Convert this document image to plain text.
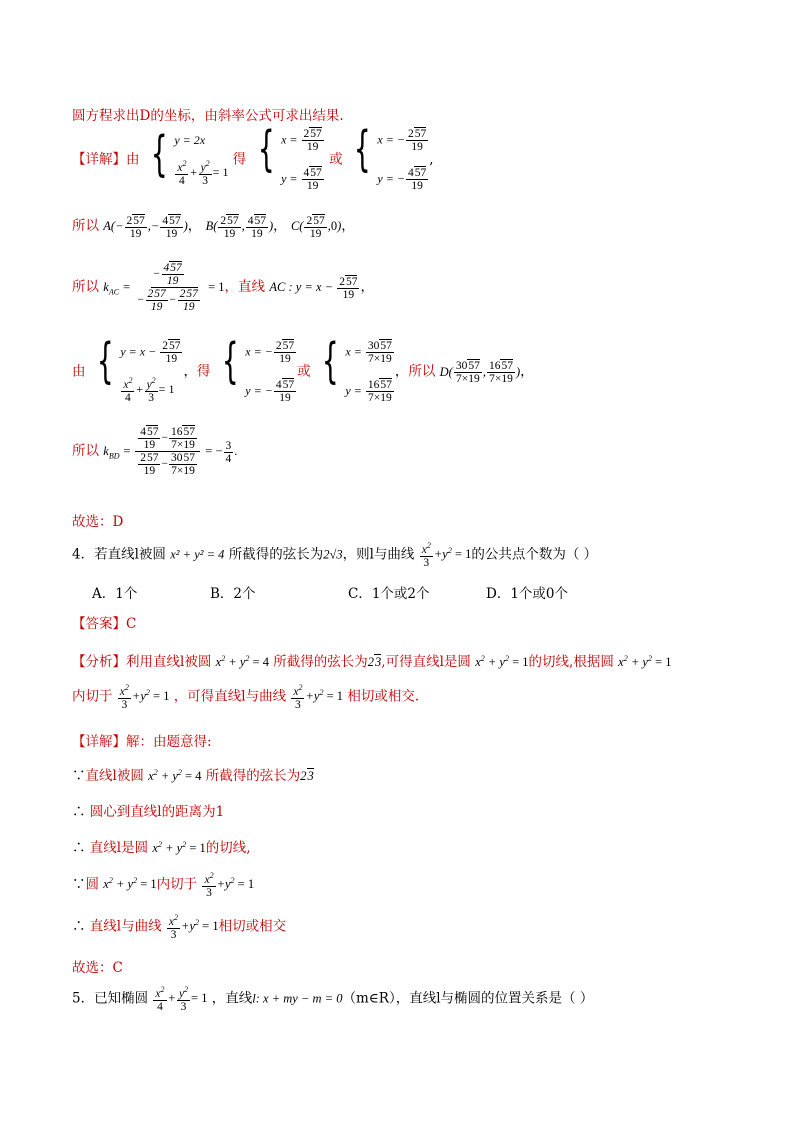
圆方程求出D的坐标，由斜率公式可求出结果.
【详解】由 { y = 2x
$\frac{x^2}{4} + \frac{y^2}{3} = 1$
得 { $x = \frac{257}{19}$
$y = \frac{457}{19}$
或 { x = − $\frac{257}{19}$
y = − $\frac{457}{19}$
,
所以 $A(- \frac{257}{19}$ ,− $\frac{457}{19}$ )， $B( \frac{257}{19}$ , $\frac{457}{19}$ )， $C( \frac{257}{19} ,0)$，
所以 $k_{AC} = \frac{- \frac{457}{19}}{- \frac{257}{19} - \frac{257}{19}} = 1$，直线 AC : $y = x - \frac{257}{19}$ ，
由 { $y = x - \frac{257}{19}$
$\frac{x^2}{4} + \frac{y^2}{3} = 1$
，得 { x = − $\frac{257}{19}$
y = − $\frac{457}{19}$
或 { $x = \frac{3057}{7\times 19}$
$y = \frac{1657}{7\times 19}$
，所以 $D( \frac{3057}{7\times 19}$ , $\frac{1657}{7\times 19}$ )，
所以 $k_{BD} = \frac{\frac{457}{19} - \frac{1657}{7\times 19}}{\frac{257}{19} - \frac{3057}{7\times 19}}$ = − $\frac{3}{4}$ .
故选：D
4．若直线l被圆 x² + y² = 4 所截得的弦长为2√3，则l与曲线 $\frac{x^2}{3} +y^2 = 1$的公共点个数为（ ）
A．1个	B．2个	C．1个或2个	D．1个或0个
【答案】C
【分析】利用直线l被圆 $x^2 + y^2 = 4$ 所截得的弦长为23,可得直线l是圆 $x^2 + y^2 = 1$的切线,根据圆 $x^2 + y^2 = 1$
内切于 $\frac{x^2}{3} +y^2 = 1$ ，可得直线l与曲线 $\frac{x^2}{3} +y^2 = 1$ 相切或相交.
【详解】解：由题意得:
∵直线l被圆 $x^2 + y^2 = 4$ 所截得的弦长为23
∴ 圆心到直线l的距离为1
∴ 直线l是圆 $x^2 + y^2 = 1$的切线,
∵圆 $x^2 + y^2 = 1$内切于 $\frac{x^2}{3} +y^2 = 1$
∴ 直线l与曲线 $\frac{x^2}{3} +y^2 = 1$相切或相交
故选：C
5．已知椭圆 $\frac{x^2}{4} + \frac{y^2}{3} = 1$ ，直线l: x + my − m = 0（m∈R），直线l与椭圆的位置关系是（ ）
